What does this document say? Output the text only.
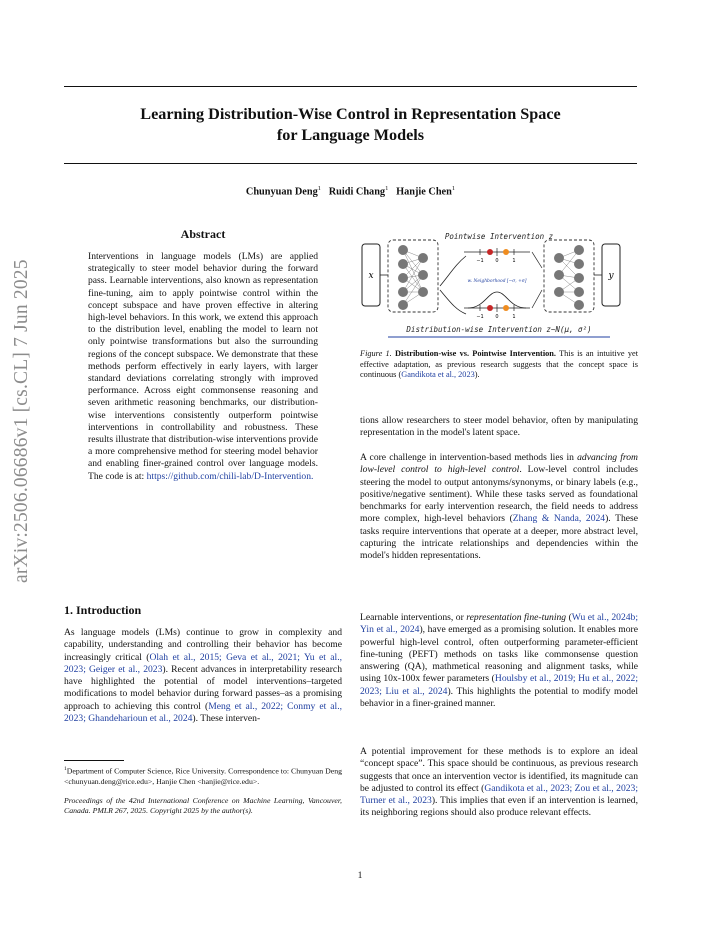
Learning Distribution-Wise Control in Representation Space
for Language Models
Chunyuan Deng$^1$ Ruidi Chang$^1$ Hanjie Chen$^1$
arXiv:2506.06686v1 [cs.CL] 7 Jun 2025
Abstract

Interventions in language models (LMs) are applied strategically to steer model behavior during the forward pass. Learnable interventions, also known as representation fine-tuning, aim to apply pointwise control within the concept subspace and have proven effective in altering high-level behaviors. In this work, we extend this approach to the distribution level, enabling the model to learn not only pointwise transformations but also the surrounding regions of the concept subspace. We demonstrate that these methods perform effectively in early layers, with larger standard deviations correlating strongly with improved performance. Across eight commonsense reasoning and seven arithmetic reasoning benchmarks, our distribution-wise interventions consistently outperform pointwise interventions in controllability and robustness. These results illustrate that distribution-wise interventions provide a more comprehensive method for steering model behavior and enabling finer-grained control over language models. The code is at: https://github.com/chili-lab/D-Intervention.

1. Introduction

As language models (LMs) continue to grow in complexity and capability, understanding and controlling their behavior has become increasingly critical (Olah et al., 2015; Geva et al., 2021; Yu et al., 2023; Geiger et al., 2023). Recent advances in interpretability research have highlighted the potential of model interventions–targeted modifications to model behavior during forward passes–as a promising approach to achieving this control (Meng et al., 2022; Conmy et al., 2023; Ghandeharioun et al., 2024). These interven-

$^1$Department of Computer Science, Rice University. Correspondence to: Chunyuan Deng <chunyuan.deng@rice.edu>, Hanjie Chen <hanjie@rice.edu>.

Proceedings of the 42nd International Conference on Machine Learning, Vancouver, Canada. PMLR 267, 2025. Copyright 2025 by the author(s).

Pointwise Intervention z
x
−1 0	1
w. Neighborhood [−σ, +σ]
−1 0	1
y
Distribution-wise Intervention z~N(μ, σ²)

Figure 1. Distribution-wise vs. Pointwise Intervention. This is an intuitive yet effective adaptation, as previous research suggests that the concept space is continuous (Gandikota et al., 2023).

tions allow researchers to steer model behavior, often by manipulating representation in the model's latent space.

A core challenge in intervention-based methods lies in advancing from low-level control to high-level control. Low-level control includes steering the model to output antonyms/synonyms, or binary labels (e.g., positive/negative sentiment). While these tasks served as foundational benchmarks for early intervention research, the field needs to address more complex, high-level behaviors (Zhang & Nanda, 2024). These tasks require interventions that operate at a deeper, more abstract level, capturing the intricate relationships and dependencies within the model's hidden representations.

Learnable interventions, or representation fine-tuning (Wu et al., 2024b; Yin et al., 2024), have emerged as a promising solution. It enables more powerful high-level control, often outperforming parameter-efficient fine-tuning (PEFT) methods on tasks like commonsense question answering (QA), mathmetical reasoning and alignment tasks, while using 10x-100x fewer parameters (Houlsby et al., 2019; Hu et al., 2022; 2023; Liu et al., 2024). This highlights the potential to modify model behavior in a finer-grained manner.

A potential improvement for these methods is to explore an ideal “concept space”. This space should be continuous, as previous research suggests that once an intervention vector is identified, its magnitude can be adjusted to control its effect (Gandikota et al., 2023; Zou et al., 2023; Turner et al., 2023). This implies that even if an intervention is learned, its neighboring regions should also produce relevant effects.

1
